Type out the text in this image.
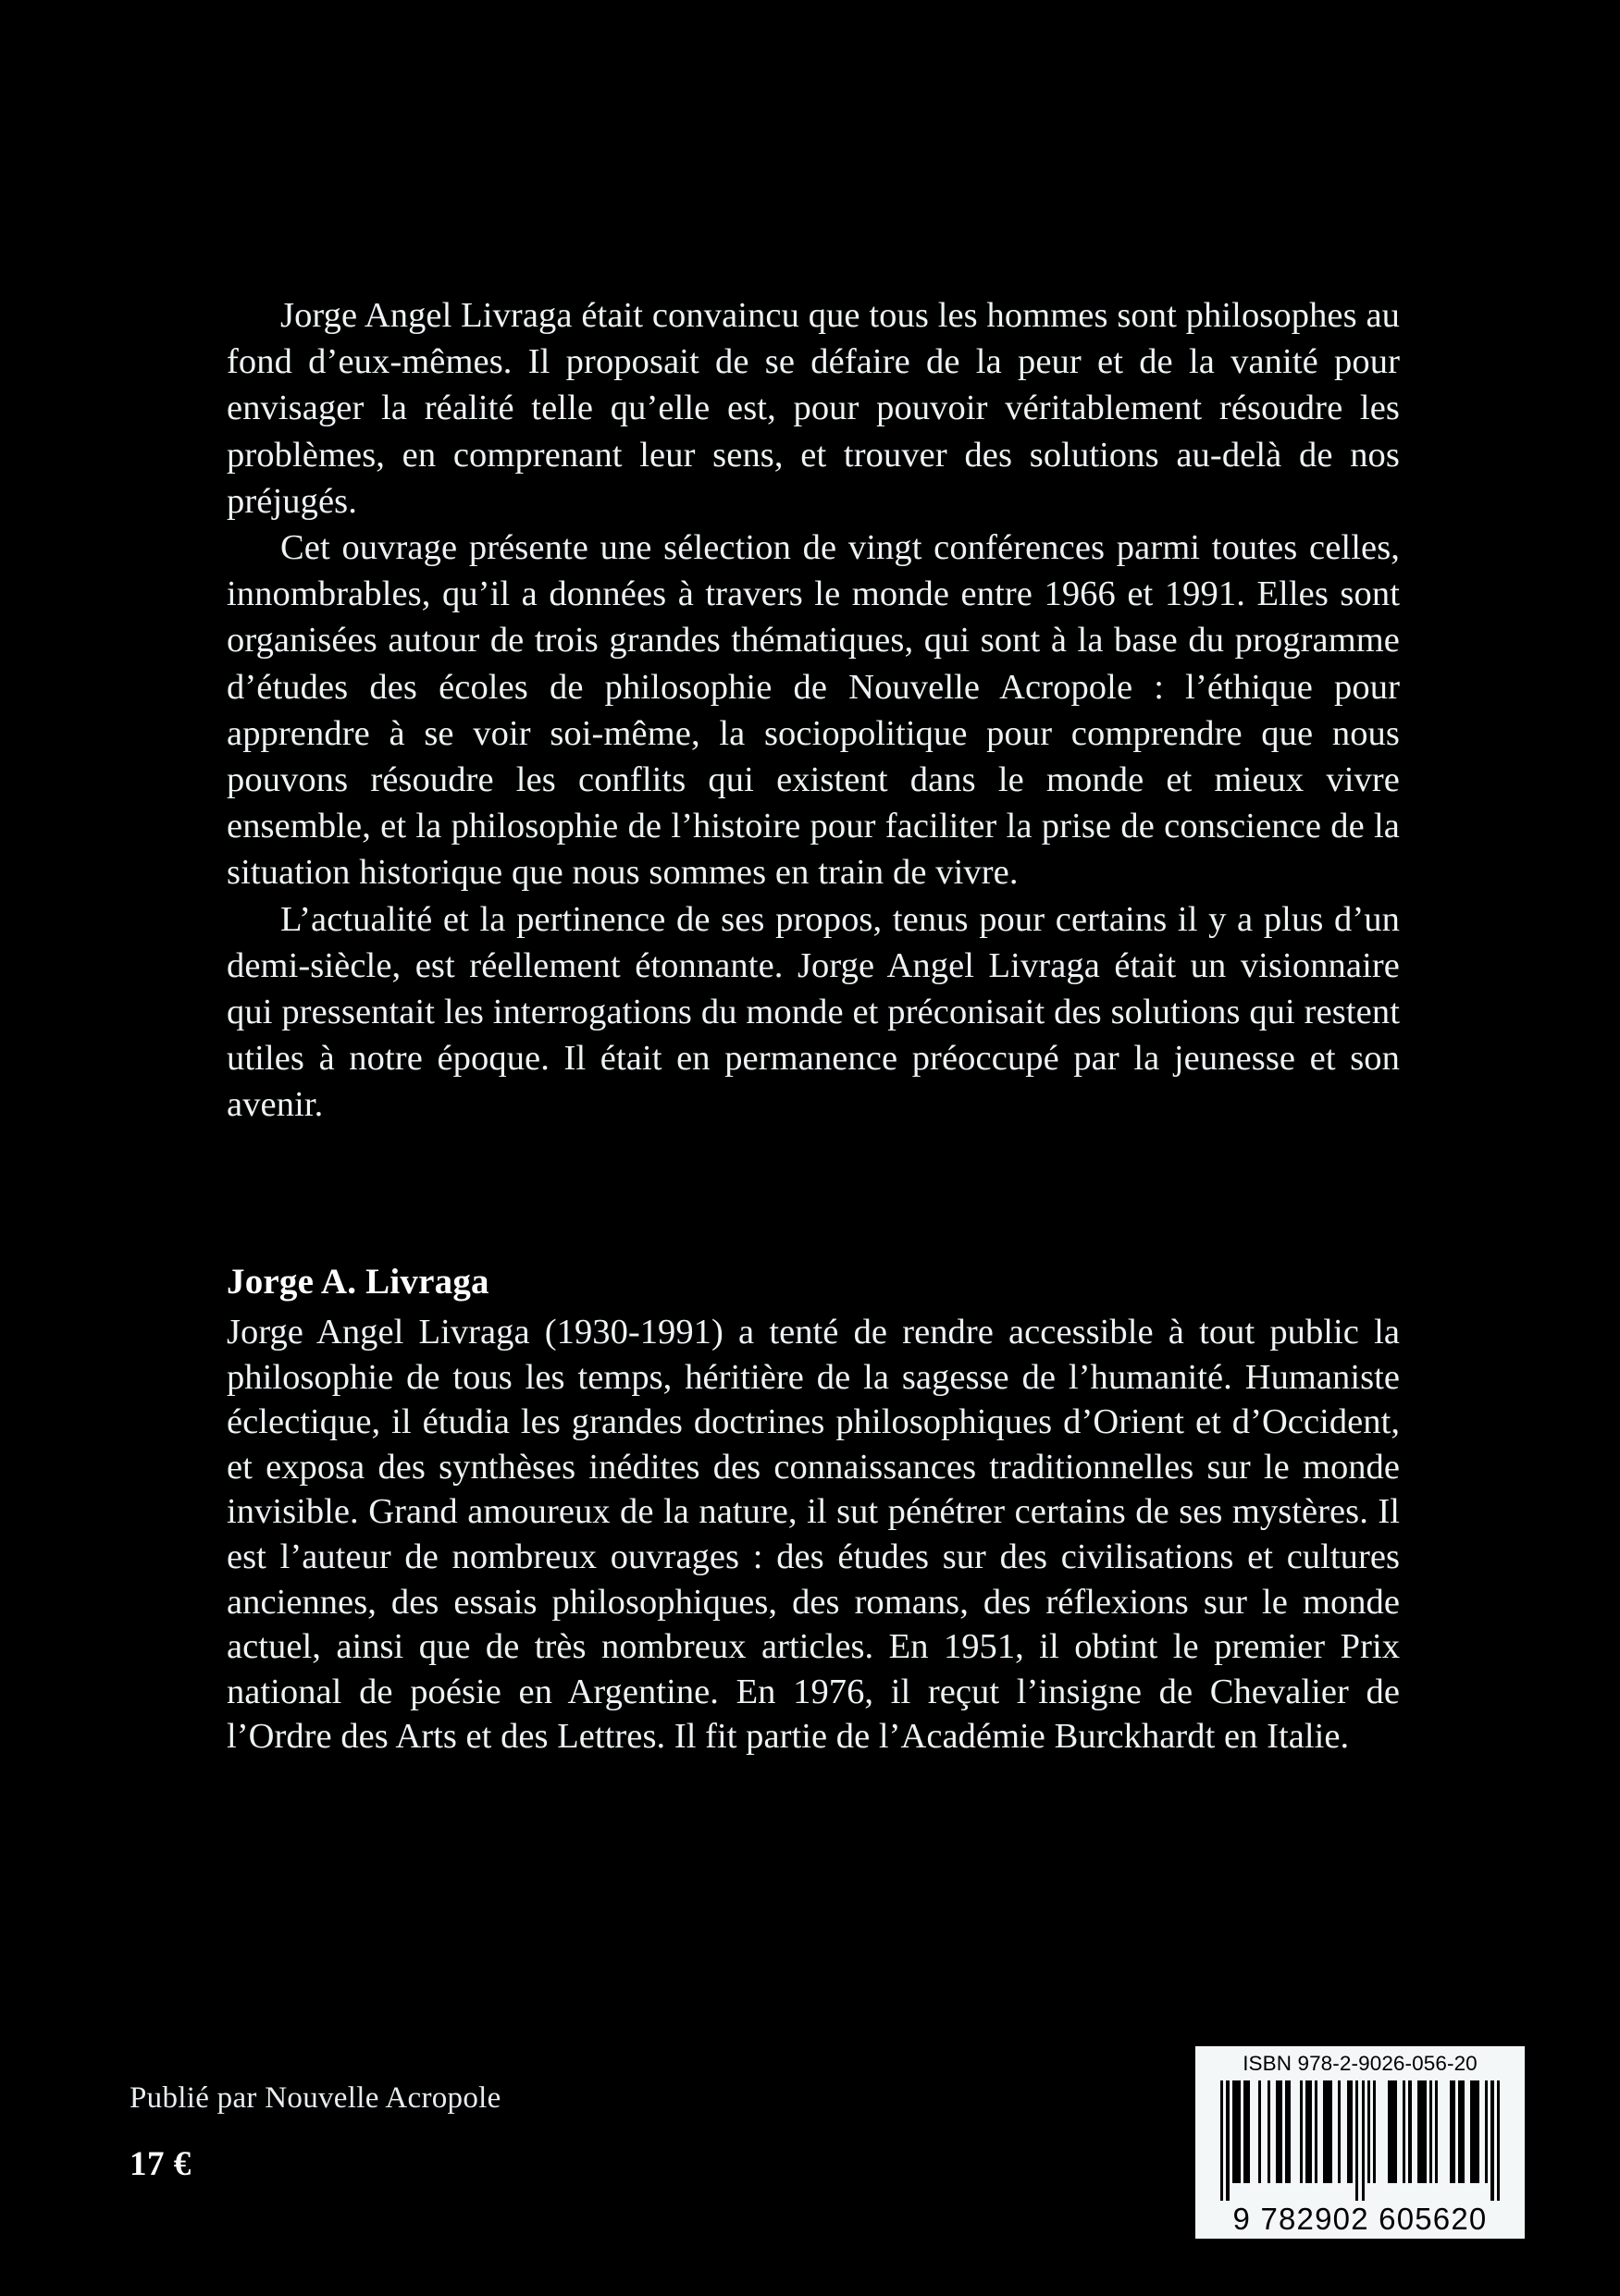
Jorge Angel Livraga était convaincu que tous les hommes sont philosophes au fond d’eux-mêmes. Il proposait de se défaire de la peur et de la vanité pour envisager la réalité telle qu’elle est, pour pouvoir véritablement résoudre les problèmes, en comprenant leur sens, et trouver des solutions au-delà de nos préjugés.

Cet ouvrage présente une sélection de vingt conférences parmi toutes celles, innombrables, qu’il a données à travers le monde entre 1966 et 1991. Elles sont organisées autour de trois grandes thématiques, qui sont à la base du programme d’études des écoles de philosophie de Nouvelle Acropole : l’éthique pour apprendre à se voir soi-même, la sociopolitique pour comprendre que nous pouvons résoudre les conflits qui existent dans le monde et mieux vivre ensemble, et la philosophie de l’histoire pour faciliter la prise de conscience de la situation historique que nous sommes en train de vivre.

L’actualité et la pertinence de ses propos, tenus pour certains il y a plus d’un demi-siècle, est réellement étonnante. Jorge Angel Livraga était un visionnaire qui pressentait les interrogations du monde et préconisait des solutions qui restent utiles à notre époque. Il était en permanence préoccupé par la jeunesse et son avenir.

Jorge A. Livraga

Jorge Angel Livraga (1930-1991) a tenté de rendre accessible à tout public la philosophie de tous les temps, héritière de la sagesse de l’humanité. Humaniste éclectique, il étudia les grandes doctrines philosophiques d’Orient et d’Occident, et exposa des synthèses inédites des connaissances traditionnelles sur le monde invisible. Grand amoureux de la nature, il sut pénétrer certains de ses mystères. Il est l’auteur de nombreux ouvrages : des études sur des civilisations et cultures anciennes, des essais philosophiques, des romans, des réflexions sur le monde actuel, ainsi que de très nombreux articles. En 1951, il obtint le premier Prix national de poésie en Argentine. En 1976, il reçut l’insigne de Chevalier de l’Ordre des Arts et des Lettres. Il fit partie de l’Académie Burckhardt en Italie.

Publié par Nouvelle Acropole
17 €
ISBN 978-2-9026-056-20
9 782902 605620
